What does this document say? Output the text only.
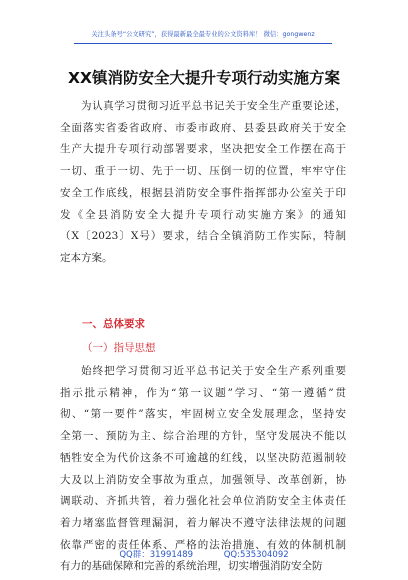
关注头条号“公文研究”，获得最新最全最专业的公文资料库！ 微信：gongwenz
XX镇消防安全大提升专项行动实施方案
为认真学习贯彻习近平总书记关于安全生产重要论述，
全面落实省委省政府、市委市政府、县委县政府关于安全
生产大提升专项行动部署要求，坚决把安全工作摆在高于
一切、重于一切、先于一切、压倒一切的位置，牢牢守住
安全工作底线，根据县消防安全事件指挥部办公室关于印
发《全县消防安全大提升专项行动实施方案》的通知
（X〔2023〕X号）要求，结合全镇消防工作实际，特制
定本方案。
一、总体要求
（一）指导思想
始终把学习贯彻习近平总书记关于安全生产系列重要
指示批示精神，作为“第一议题”学习、“第一遵循”贯
彻、“第一要件”落实，牢固树立安全发展理念，坚持安
全第一、预防为主、综合治理的方针，坚守发展决不能以
牺牲安全为代价这条不可逾越的红线，以坚决防范遏制较
大及以上消防安全事故为重点，加强领导、改革创新，协
调联动、齐抓共管，着力强化社会单位消防安全主体责任
着力堵塞监督管理漏洞，着力解决不遵守法律法规的问题
依靠严密的责任体系、严格的法治措施、有效的体制机制
有力的基础保障和完善的系统治理，切实增强消防安全防
QQ群：31991489	QQ:535304092
